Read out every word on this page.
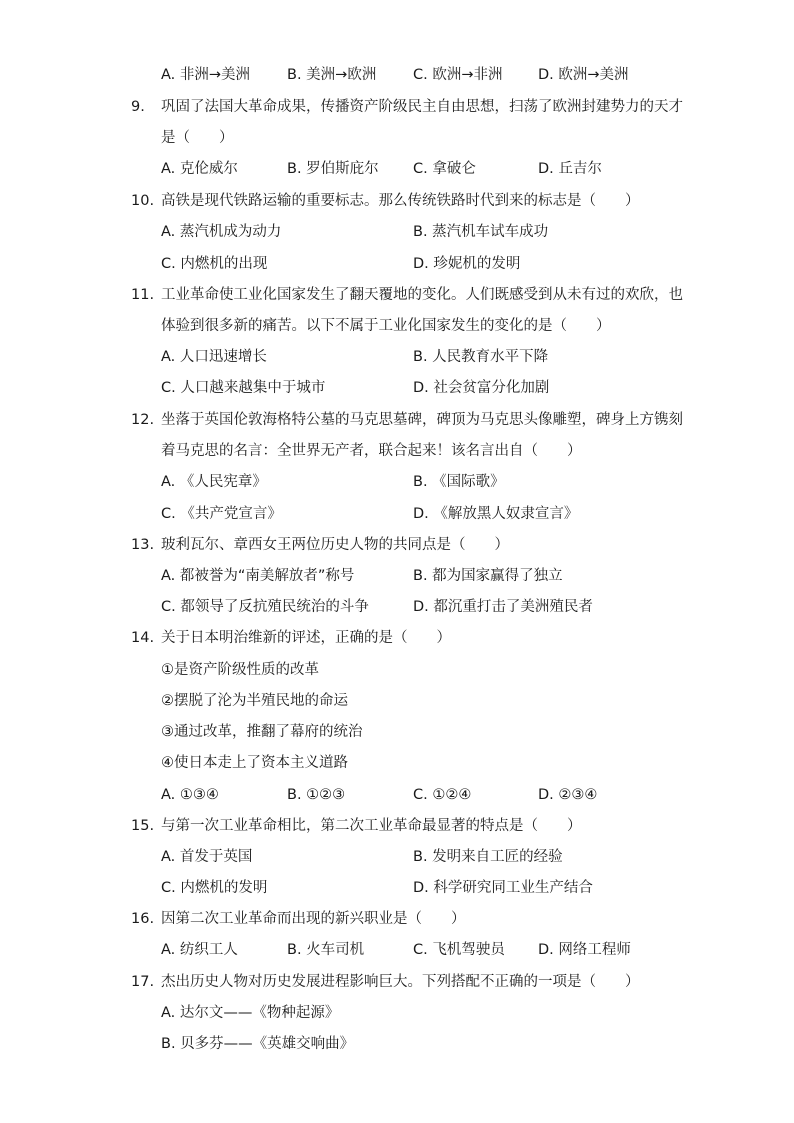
A. 非洲→美洲	B. 美洲→欧洲	C. 欧洲→非洲 D. 欧洲→美洲
9.	巩固了法国大革命成果，传播资产阶级民主自由思想，扫荡了欧洲封建势力的天才
是（　　）
A. 克伦威尔	B. 罗伯斯庇尔 C. 拿破仑	D. 丘吉尔
10. 高铁是现代铁路运输的重要标志。那么传统铁路时代到来的标志是（　　）
A. 蒸汽机成为动力	B. 蒸汽机车试车成功
C. 内燃机的出现	D. 珍妮机的发明
11. 工业革命使工业化国家发生了翻天覆地的变化。人们既感受到从未有过的欢欣，也
体验到很多新的痛苦。以下不属于工业化国家发生的变化的是（　　）
A. 人口迅速增长	B. 人民教育水平下降
C. 人口越来越集中于城市	D. 社会贫富分化加剧
12. 坐落于英国伦敦海格特公墓的马克思墓碑，碑顶为马克思头像雕塑，碑身上方镌刻
着马克思的名言：全世界无产者，联合起来！该名言出自（　　）
A. 《人民宪章》	B. 《国际歌》
C. 《共产党宣言》	D. 《解放黑人奴隶宣言》
13. 玻利瓦尔、章西女王两位历史人物的共同点是（　　）
A. 都被誉为“南美解放者”称号	B. 都为国家赢得了独立
C. 都领导了反抗殖民统治的斗争	D. 都沉重打击了美洲殖民者
14. 关于日本明治维新的评述，正确的是（　　）
①是资产阶级性质的改革
②摆脱了沦为半殖民地的命运
③通过改革，推翻了幕府的统治
④使日本走上了资本主义道路
A. ①③④	B. ①②③	C. ①②④	D. ②③④
15. 与第一次工业革命相比，第二次工业革命最显著的特点是（　　）
A. 首发于英国	B. 发明来自工匠的经验
C. 内燃机的发明	D. 科学研究同工业生产结合
16. 因第二次工业革命而出现的新兴职业是（　　）
A. 纺织工人	B. 火车司机	C. 飞机驾驶员 D. 网络工程师
17. 杰出历史人物对历史发展进程影响巨大。下列搭配不正确的一项是（　　）
A. 达尔文——《物种起源》
B. 贝多芬——《英雄交响曲》
